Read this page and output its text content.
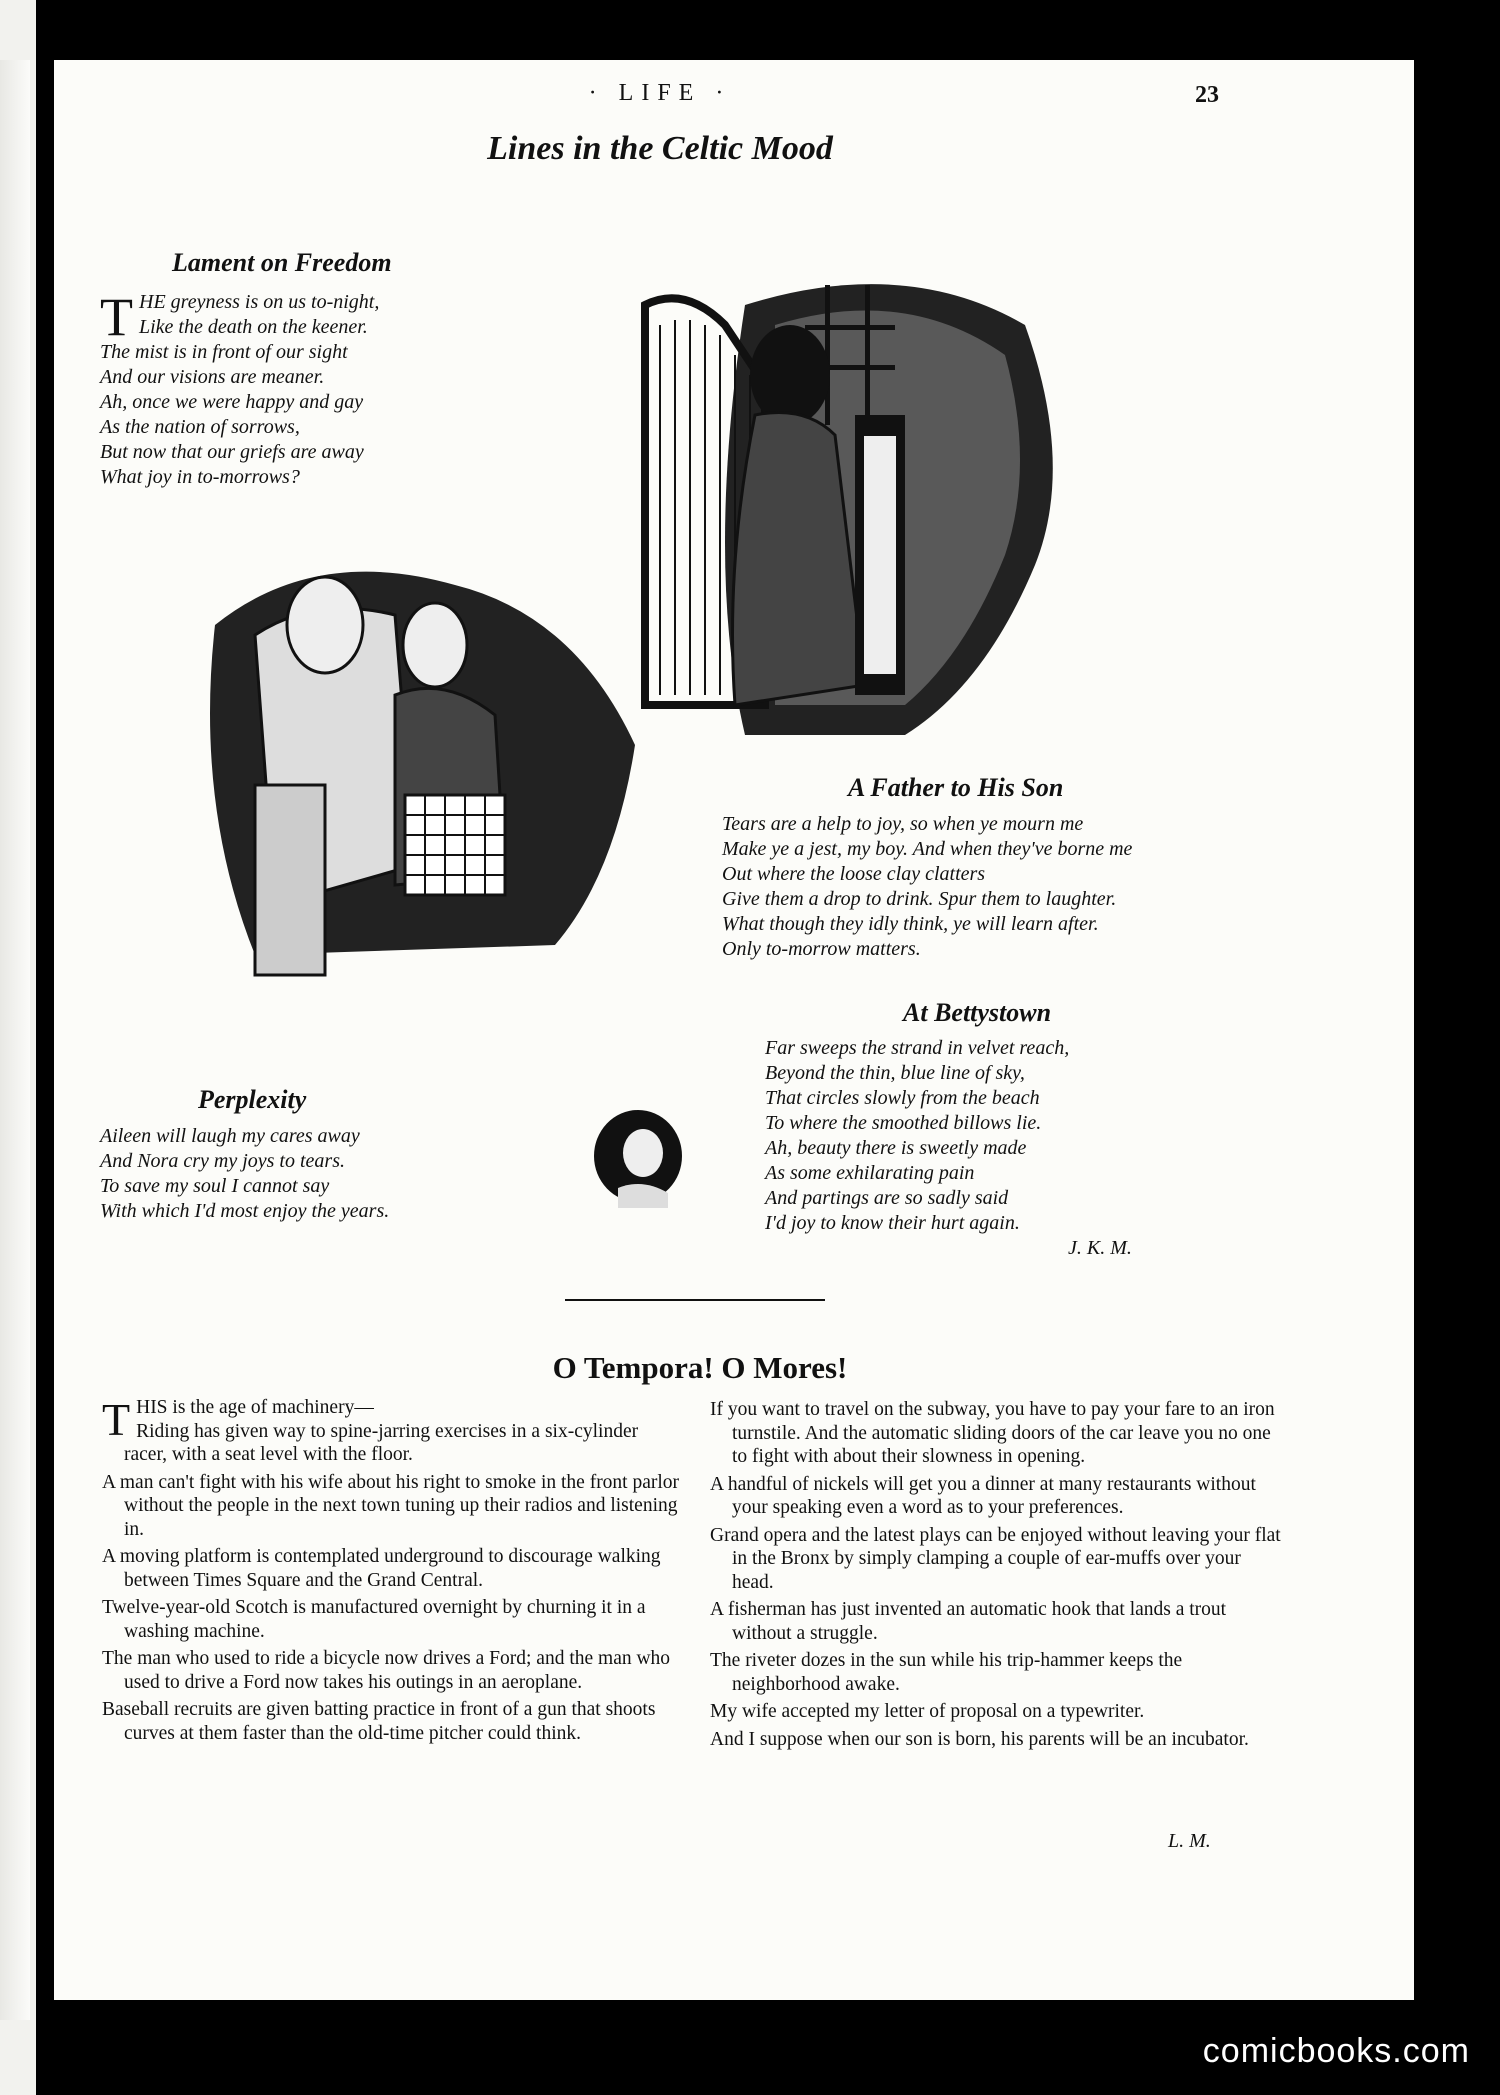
· LIFE ·	23
Lines in the Celtic Mood
Lament on Freedom
T HE greyness is on us to-night,
Like the death on the keener.
The mist is in front of our sight
And our visions are meaner.
Ah, once we were happy and gay
As the nation of sorrows,
But now that our griefs are away
What joy in to-morrows?
A Father to His Son
Tears are a help to joy, so when ye mourn me
Make ye a jest, my boy. And when they've borne me
Out where the loose clay clatters
Give them a drop to drink. Spur them to laughter.
What though they idly think, ye will learn after.
Only to-morrow matters.
At Bettystown
Far sweeps the strand in velvet reach,
Beyond the thin, blue line of sky,
That circles slowly from the beach
To where the smoothed billows lie.
Ah, beauty there is sweetly made
As some exhilarating pain
And partings are so sadly said
I'd joy to know their hurt again.
J. K. M.
Perplexity
Aileen will laugh my cares away
And Nora cry my joys to tears.
To save my soul I cannot say
With which I'd most enjoy the years.
O Tempora! O Mores!

THIS is the age of machinery—

Riding has given way to spine-jarring exercises in a six-cylinder racer, with a seat level with the floor.

A man can't fight with his wife about his right to smoke in the front parlor without the people in the next town tuning up their radios and listening in.

A moving platform is contemplated underground to discourage walking between Times Square and the Grand Central.

Twelve-year-old Scotch is manufactured overnight by churning it in a washing machine.

The man who used to ride a bicycle now drives a Ford; and the man who used to drive a Ford now takes his outings in an aeroplane.

Baseball recruits are given batting practice in front of a gun that shoots curves at them faster than the old-time pitcher could think.

If you want to travel on the subway, you have to pay your fare to an iron turnstile. And the automatic sliding doors of the car leave you no one to fight with about their slowness in opening.

A handful of nickels will get you a dinner at many restaurants without your speaking even a word as to your preferences.

Grand opera and the latest plays can be enjoyed without leaving your flat in the Bronx by simply clamping a couple of ear-muffs over your head.

A fisherman has just invented an automatic hook that lands a trout without a struggle.

The riveter dozes in the sun while his trip-hammer keeps the neighborhood awake.

My wife accepted my letter of proposal on a typewriter.

And I suppose when our son is born, his parents will be an incubator.

L. M.
comicbooks.com
